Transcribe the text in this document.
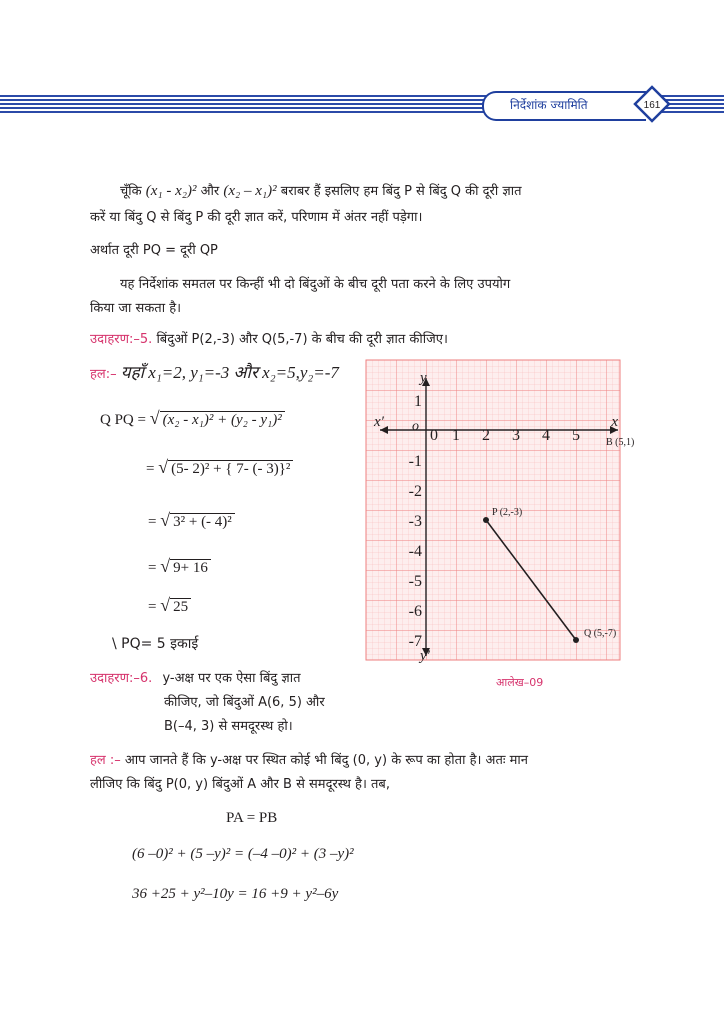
निर्देशांक ज्यामिति	161
चूँकि (x₁ - x₂)² और (x₂ – x₁)² बराबर हैं इसलिए हम बिंदु P से बिंदु Q की दूरी ज्ञात
करें या बिंदु Q से बिंदु P की दूरी ज्ञात करें, परिणाम में अंतर नहीं पड़ेगा।
अर्थात दूरी PQ = दूरी QP
यह निर्देशांक समतल पर किन्हीं भी दो बिंदुओं के बीच दूरी पता करने के लिए उपयोग
किया जा सकता है।
उदाहरण:–5. बिंदुओं P(2,-3) और Q(5,-7) के बीच की दूरी ज्ञात कीजिए।
हल:– यहाँ x₁=2, y₁=-3 और x₂=5,y₂=-7
Q PQ = √ (x₂ - x₁)² + (y₂ - y₁)²
= √ (5- 2)² + { 7- (- 3)}²
= √ 3² + (- 4)²
= √ 9+ 16
= √ 25
\ PQ= 5 इकाई
x
x′
y
y′
o
0 1 2 3 4 5
1
-1
-2
-3
-4
-5
-6
-7
P (2,-3)
Q (5,-7)
B (5,1)
आलेख–09
उदाहरण:–6. y-अक्ष पर एक ऐसा बिंदु ज्ञात
कीजिए, जो बिंदुओं A(6, 5) और
B(–4, 3) से समदूरस्थ हो।
हल :– आप जानते हैं कि y-अक्ष पर स्थित कोई भी बिंदु (0, y) के रूप का होता है। अतः मान
लीजिए कि बिंदु P(0, y) बिंदुओं A और B से समदूरस्थ है। तब,
PA = PB
(6 –0)² + (5 –y)² = (–4 –0)² + (3 –y)²
36 +25 + y²–10y = 16 +9 + y²–6y
